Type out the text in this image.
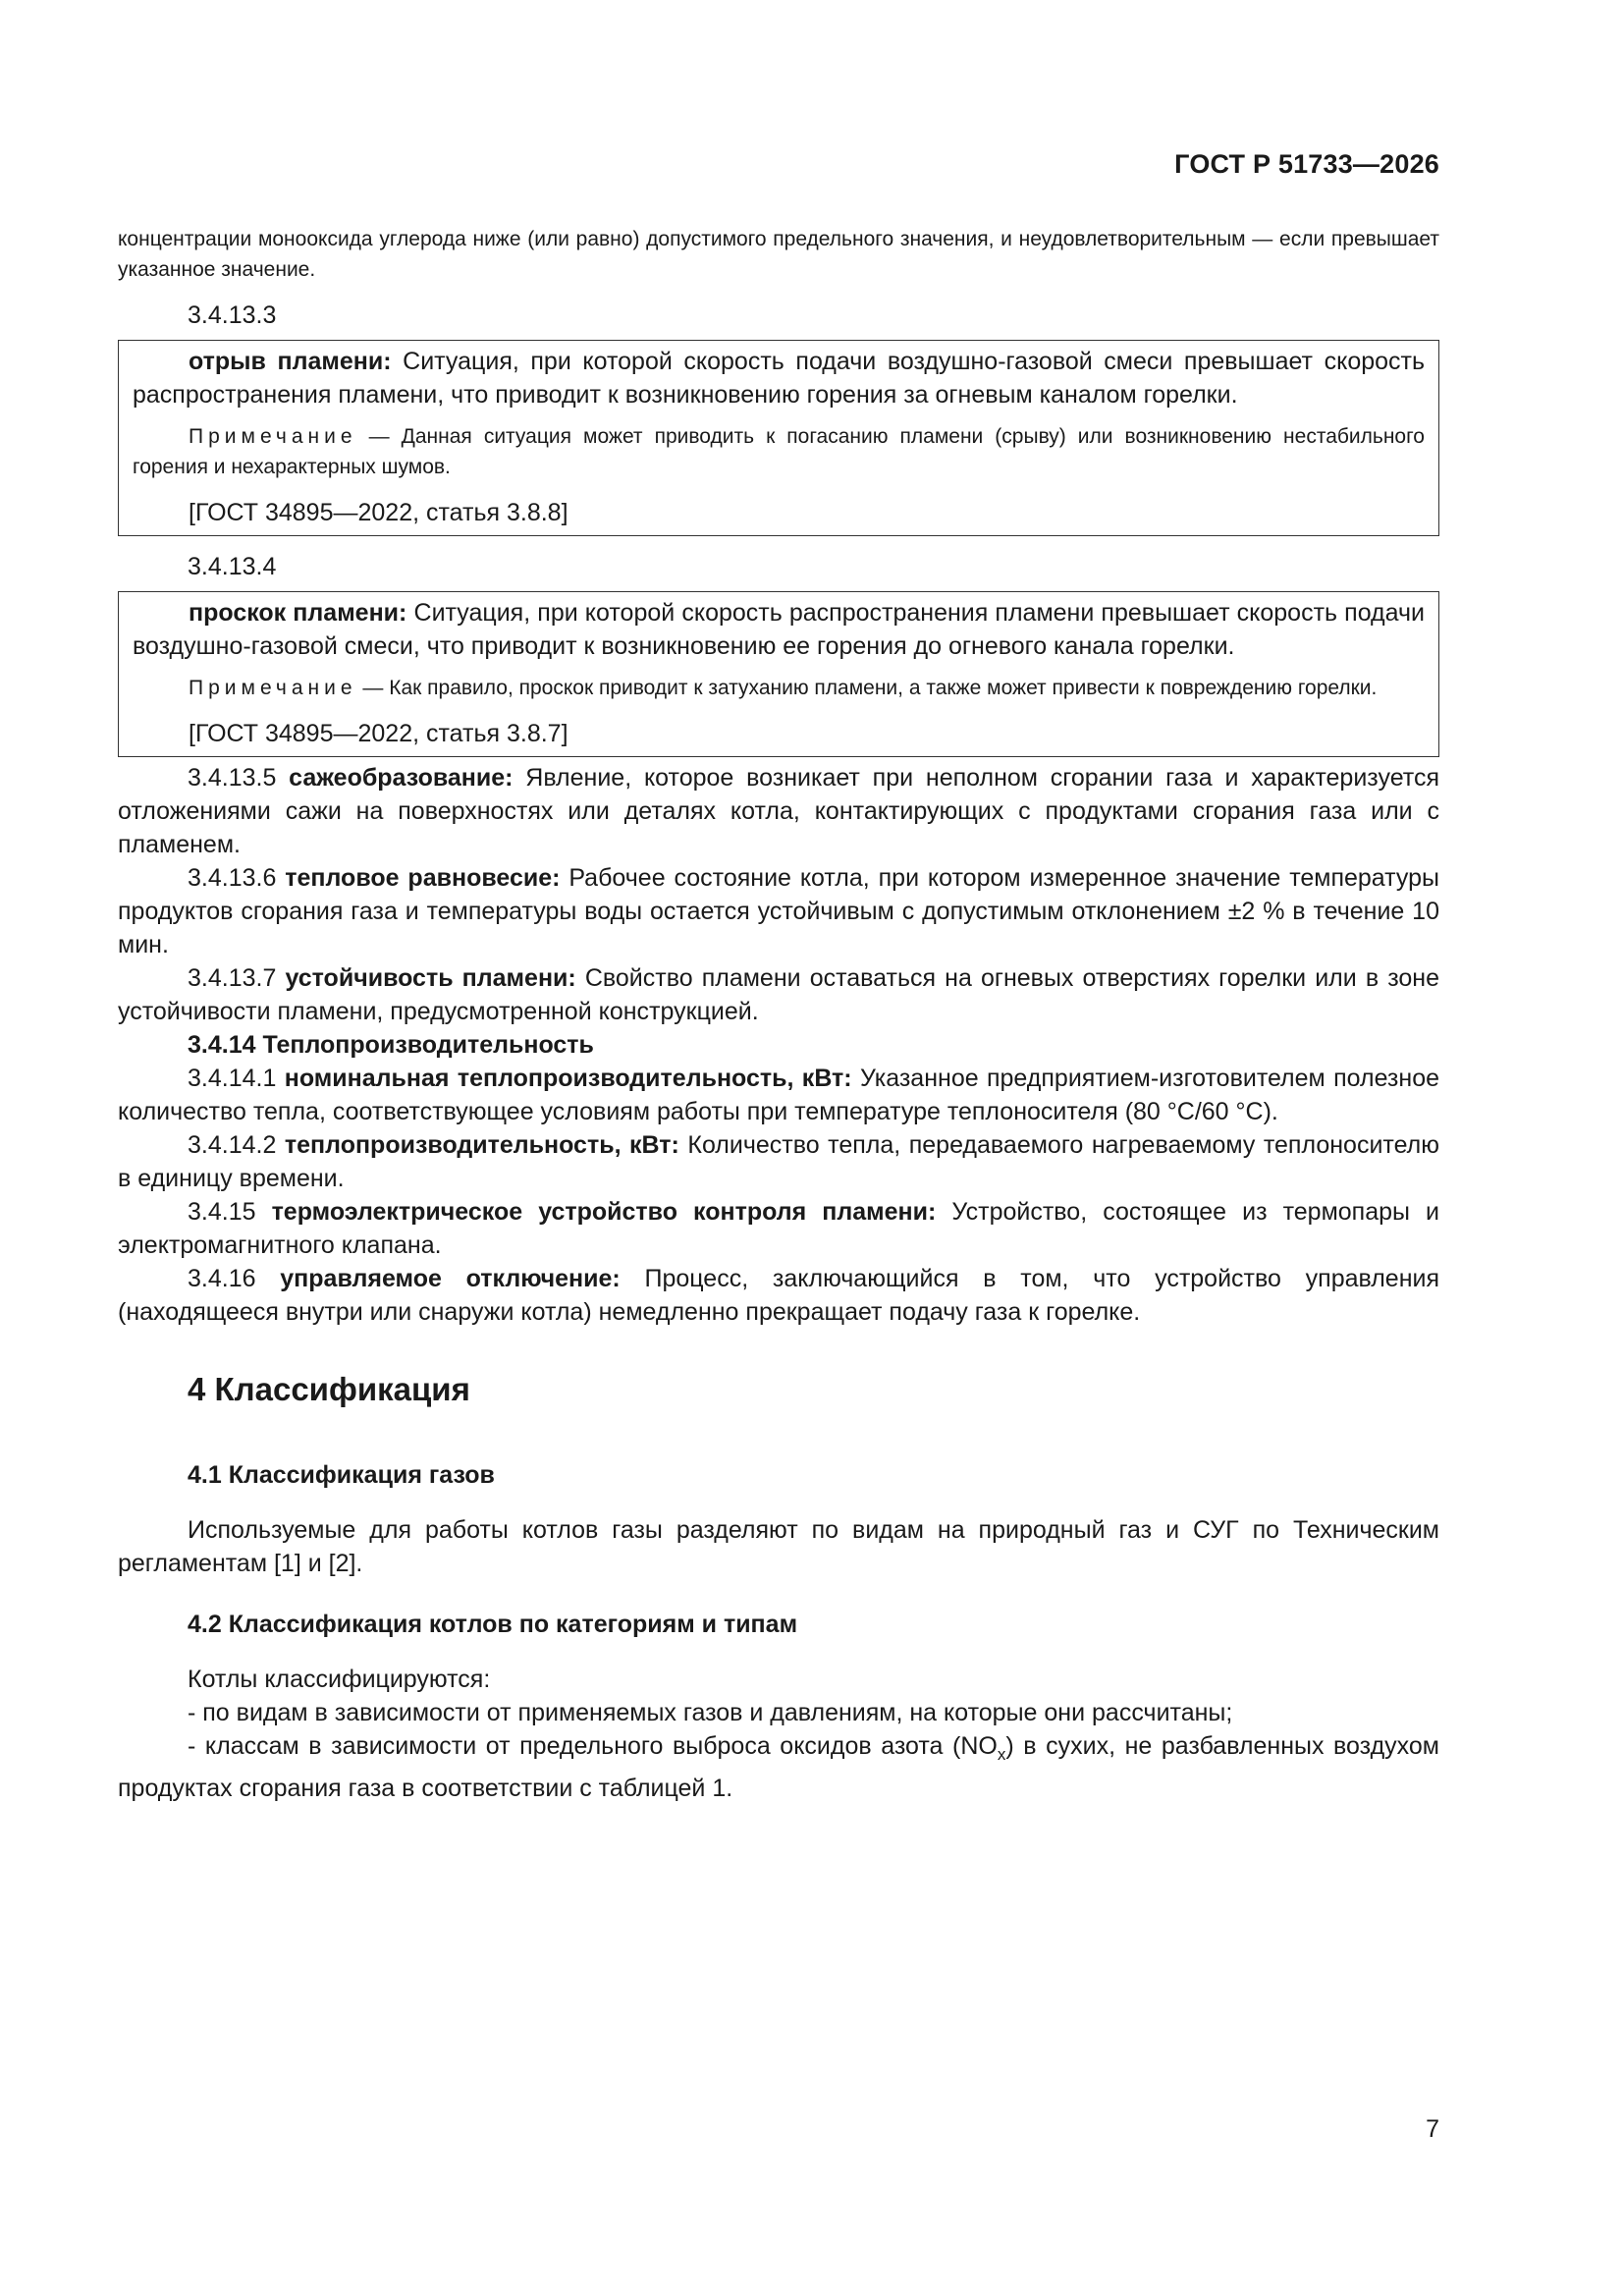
ГОСТ Р 51733—2026

концентрации монооксида углерода ниже (или равно) допустимого предельного значения, и неудовлетворительным — если превышает указанное значение.

3.4.13.3

отрыв пламени: Ситуация, при которой скорость подачи воздушно-газовой смеси превышает скорость распространения пламени, что приводит к возникновению горения за огневым каналом горелки.

Примечание — Данная ситуация может приводить к погасанию пламени (срыву) или возникновению нестабильного горения и нехарактерных шумов.

[ГОСТ 34895—2022, статья 3.8.8]
3.4.13.4

проскок пламени: Ситуация, при которой скорость распространения пламени превышает скорость подачи воздушно-газовой смеси, что приводит к возникновению ее горения до огневого канала горелки.

Примечание — Как правило, проскок приводит к затуханию пламени, а также может привести к повреждению горелки.

[ГОСТ 34895—2022, статья 3.8.7]

3.4.13.5 сажеобразование: Явление, которое возникает при неполном сгорании газа и характеризуется отложениями сажи на поверхностях или деталях котла, контактирующих с продуктами сгорания газа или с пламенем.

3.4.13.6 тепловое равновесие: Рабочее состояние котла, при котором измеренное значение температуры продуктов сгорания газа и температуры воды остается устойчивым с допустимым отклонением ±2 % в течение 10 мин.

3.4.13.7 устойчивость пламени: Свойство пламени оставаться на огневых отверстиях горелки или в зоне устойчивости пламени, предусмотренной конструкцией.

3.4.14 Теплопроизводительность

3.4.14.1 номинальная теплопроизводительность, кВт: Указанное предприятием-изготовителем полезное количество тепла, соответствующее условиям работы при температуре теплоносителя (80 °С/60 °С).

3.4.14.2 теплопроизводительность, кВт: Количество тепла, передаваемого нагреваемому теплоносителю в единицу времени.

3.4.15 термоэлектрическое устройство контроля пламени: Устройство, состоящее из термопары и электромагнитного клапана.

3.4.16 управляемое отключение: Процесс, заключающийся в том, что устройство управления (находящееся внутри или снаружи котла) немедленно прекращает подачу газа к горелке.

4 Классификация
4.1 Классификация газов

Используемые для работы котлов газы разделяют по видам на природный газ и СУГ по Техническим регламентам [1] и [2].

4.2 Классификация котлов по категориям и типам

Котлы классифицируются:

- по видам в зависимости от применяемых газов и давлениям, на которые они рассчитаны;

- классам в зависимости от предельного выброса оксидов азота $(NO_x)$ в сухих, не разбавленных воздухом продуктах сгорания газа в соответствии с таблицей 1.

7
